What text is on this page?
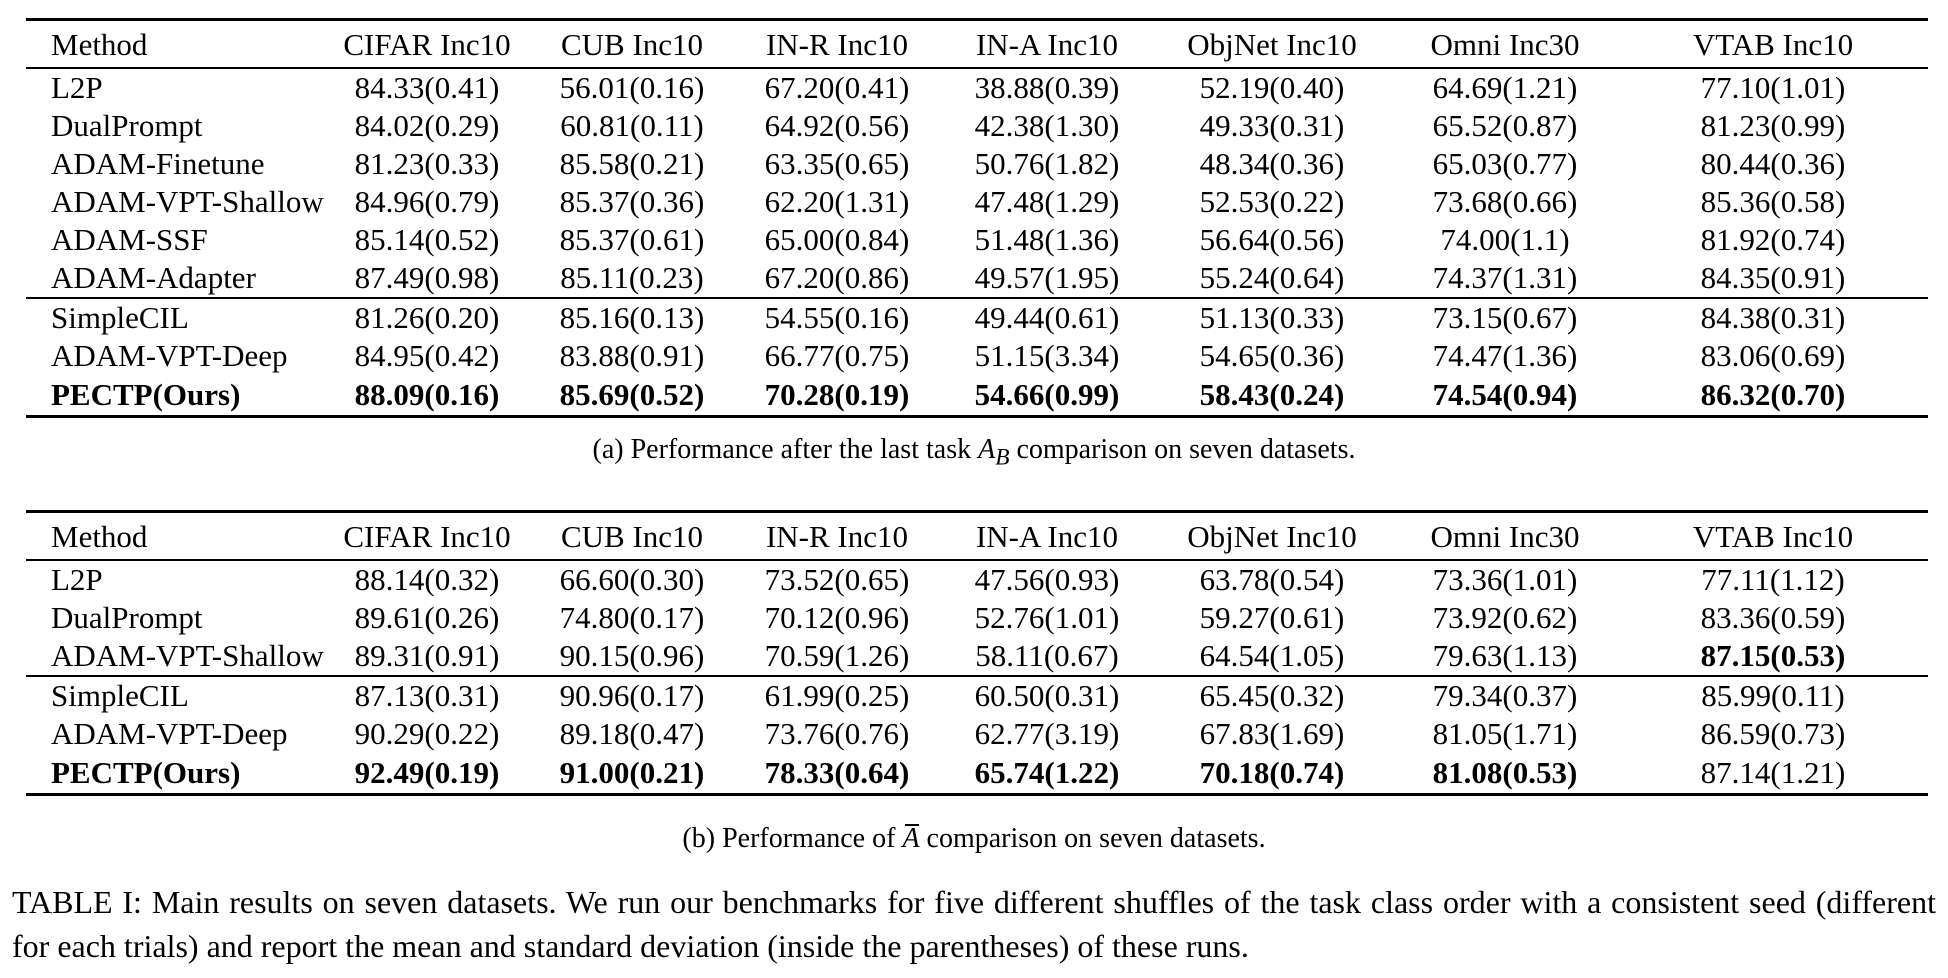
Method	CIFAR Inc10	CUB Inc10	IN-R Inc10	IN-A Inc10	ObjNet Inc10	Omni Inc30	VTAB Inc10
L2P	84.33(0.41)	56.01(0.16)	67.20(0.41)	38.88(0.39)	52.19(0.40)	64.69(1.21)	77.10(1.01)
DualPrompt	84.02(0.29)	60.81(0.11)	64.92(0.56)	42.38(1.30)	49.33(0.31)	65.52(0.87)	81.23(0.99)
ADAM-Finetune	81.23(0.33)	85.58(0.21)	63.35(0.65)	50.76(1.82)	48.34(0.36)	65.03(0.77)	80.44(0.36)
ADAM-VPT-Shallow	84.96(0.79)	85.37(0.36)	62.20(1.31)	47.48(1.29)	52.53(0.22)	73.68(0.66)	85.36(0.58)
ADAM-SSF	85.14(0.52)	85.37(0.61)	65.00(0.84)	51.48(1.36)	56.64(0.56)	74.00(1.1)	81.92(0.74)
ADAM-Adapter	87.49(0.98)	85.11(0.23)	67.20(0.86)	49.57(1.95)	55.24(0.64)	74.37(1.31)	84.35(0.91)
SimpleCIL	81.26(0.20)	85.16(0.13)	54.55(0.16)	49.44(0.61)	51.13(0.33)	73.15(0.67)	84.38(0.31)
ADAM-VPT-Deep	84.95(0.42)	83.88(0.91)	66.77(0.75)	51.15(3.34)	54.65(0.36)	74.47(1.36)	83.06(0.69)
PECTP(Ours)	88.09(0.16)	85.69(0.52)	70.28(0.19)	54.66(0.99)	58.43(0.24)	74.54(0.94)	86.32(0.70)
(a) Performance after the last task $A_B$ comparison on seven datasets.
Method	CIFAR Inc10	CUB Inc10	IN-R Inc10	IN-A Inc10	ObjNet Inc10	Omni Inc30	VTAB Inc10
L2P	88.14(0.32)	66.60(0.30)	73.52(0.65)	47.56(0.93)	63.78(0.54)	73.36(1.01)	77.11(1.12)
DualPrompt	89.61(0.26)	74.80(0.17)	70.12(0.96)	52.76(1.01)	59.27(0.61)	73.92(0.62)	83.36(0.59)
ADAM-VPT-Shallow	89.31(0.91)	90.15(0.96)	70.59(1.26)	58.11(0.67)	64.54(1.05)	79.63(1.13)	87.15(0.53)
SimpleCIL	87.13(0.31)	90.96(0.17)	61.99(0.25)	60.50(0.31)	65.45(0.32)	79.34(0.37)	85.99(0.11)
ADAM-VPT-Deep	90.29(0.22)	89.18(0.47)	73.76(0.76)	62.77(3.19)	67.83(1.69)	81.05(1.71)	86.59(0.73)
PECTP(Ours)	92.49(0.19)	91.00(0.21)	78.33(0.64)	65.74(1.22)	70.18(0.74)	81.08(0.53)	87.14(1.21)
(b) Performance of A comparison on seven datasets.
TABLE I: Main results on seven datasets. We run our benchmarks for five different shuffles of the task class order with a consistent seed (different for each trials) and report the mean and standard deviation (inside the parentheses) of these runs.
